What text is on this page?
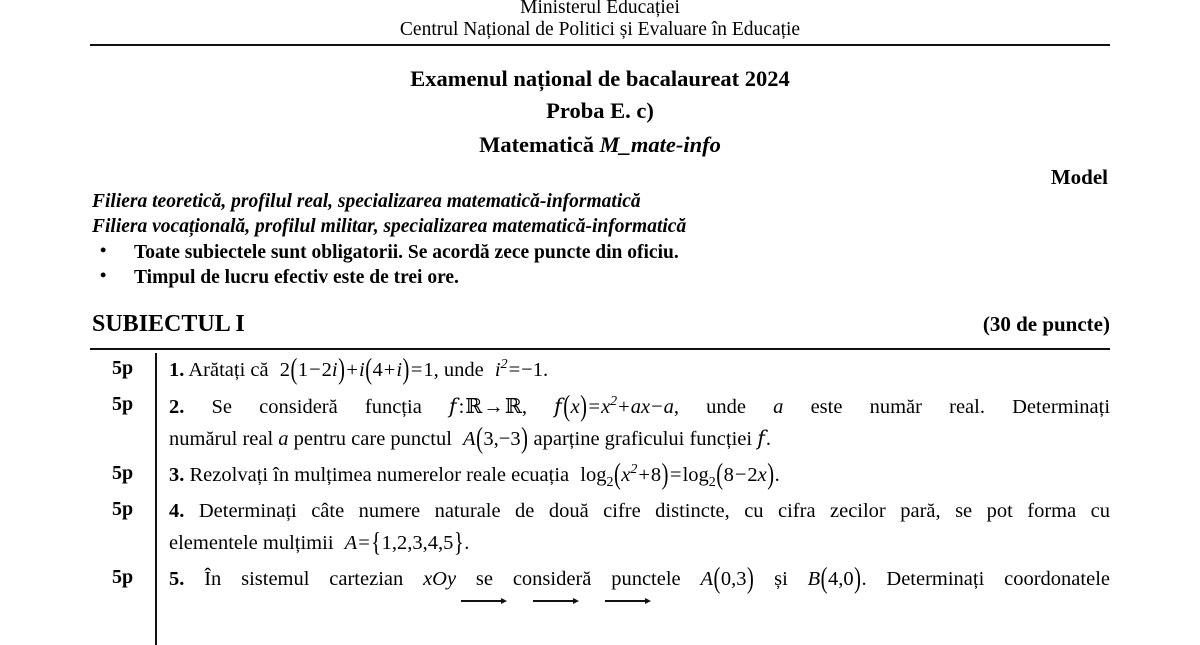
Ministerul Educației
Centrul Național de Politici și Evaluare în Educație
Examenul național de bacalaureat 2024
Proba E. c)
Matematică M_mate-info
Model
Filiera teoretică, profilul real, specializarea matematică-informatică
Filiera vocațională, profilul militar, specializarea matematică-informatică
• Toate subiectele sunt obligatorii. Se acordă zece puncte din oficiu.
• Timpul de lucru efectiv este de trei ore.
SUBIECTUL I	(30 de puncte)
5p	1. Arătați că 2(1−2i)+i(4+i)=1, unde $i^2=-1$.
5p	2. Se consideră funcția f:ℝ→ℝ, $f(x)=x^2+ax-a$, unde a este număr real. Determinați
numărul real a pentru care punctul A(3,−3) aparține graficului funcției f.
5p	3. Rezolvați în mulțimea numerelor reale ecuația $\log_2(x^2+8)=\log_2(8-2x)$.
5p	4. Determinați câte numere naturale de două cifre distincte, cu cifra zecilor pară, se pot forma cu
elementele mulțimii A={1,2,3,4,5}.
5p	5. În sistemul cartezian xOy se consideră punctele A(0,3) și B(4,0). Determinați coordonatele
